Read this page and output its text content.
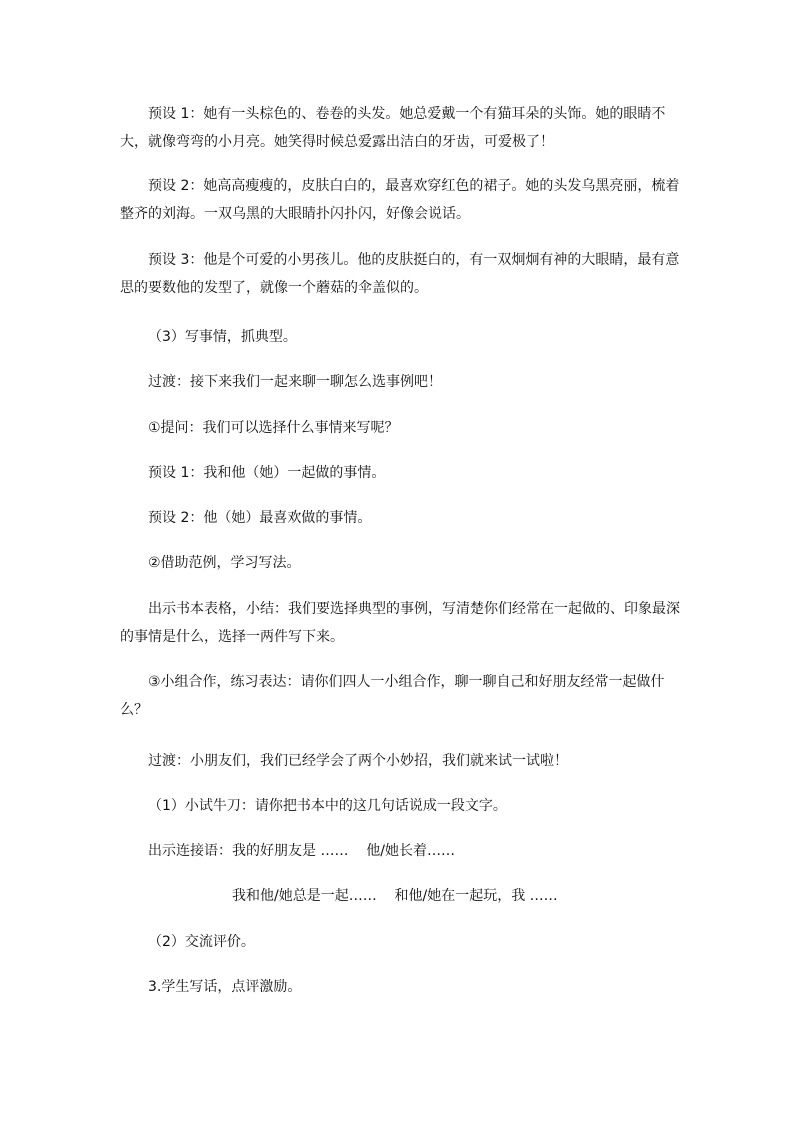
预设 1：她有一头棕色的、卷卷的头发。她总爱戴一个有猫耳朵的头饰。她的眼睛不大，就像弯弯的小月亮。她笑得时候总爱露出洁白的牙齿，可爱极了！

预设 2：她高高瘦瘦的，皮肤白白的，最喜欢穿红色的裙子。她的头发乌黑亮丽，梳着整齐的刘海。一双乌黑的大眼睛扑闪扑闪，好像会说话。

预设 3：他是个可爱的小男孩儿。他的皮肤挺白的，有一双炯炯有神的大眼睛，最有意思的要数他的发型了，就像一个蘑菇的伞盖似的。

（3）写事情，抓典型。

过渡：接下来我们一起来聊一聊怎么选事例吧！

①提问：我们可以选择什么事情来写呢？

预设 1：我和他（她）一起做的事情。

预设 2：他（她）最喜欢做的事情。

②借助范例，学习写法。

出示书本表格，小结：我们要选择典型的事例，写清楚你们经常在一起做的、印象最深的事情是什么，选择一两件写下来。

③小组合作，练习表达：请你们四人一小组合作，聊一聊自己和好朋友经常一起做什么？

过渡：小朋友们，我们已经学会了两个小妙招，我们就来试一试啦！

（1）小试牛刀：请你把书本中的这几句话说成一段文字。

出示连接语：我的好朋友是 ……    他/她长着……

我和他/她总是一起……    和他/她在一起玩，我 ……

（2）交流评价。

3.学生写话，点评激励。
